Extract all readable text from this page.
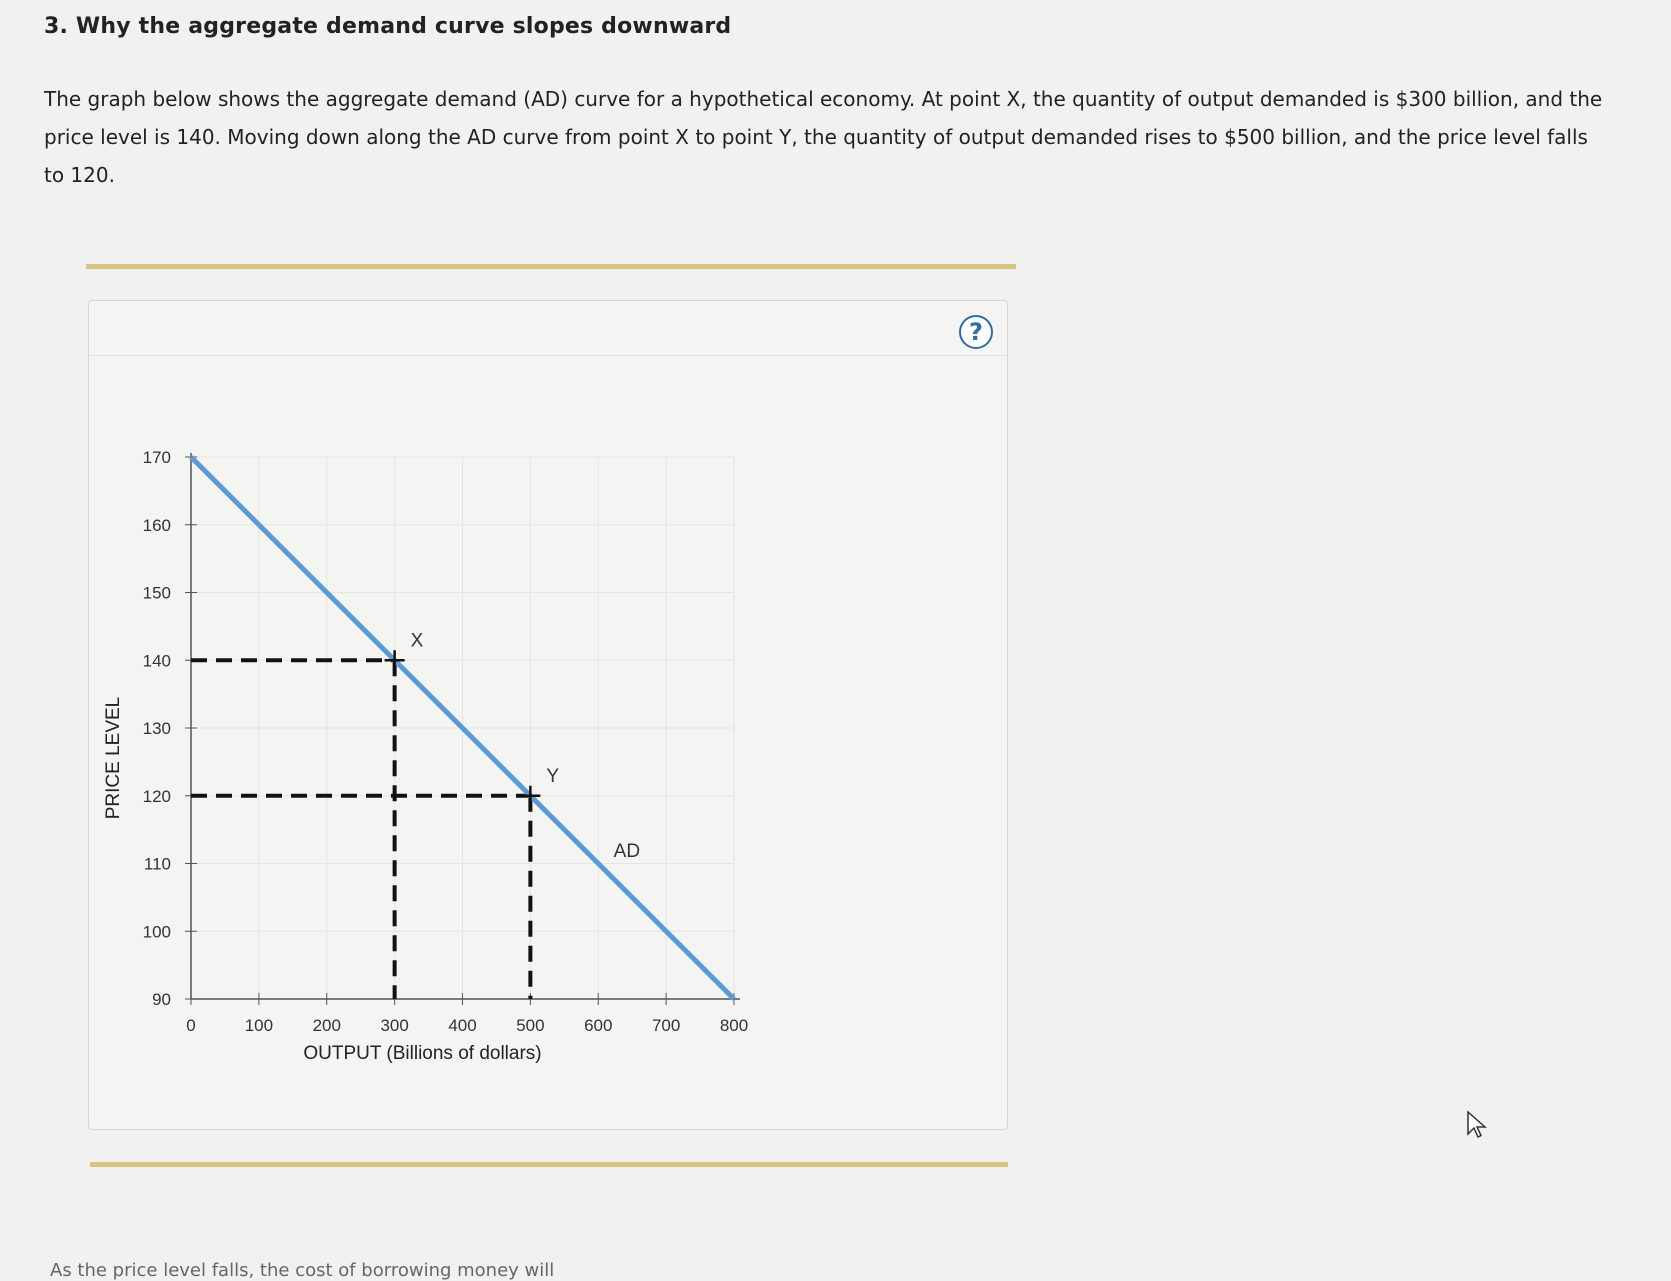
3. Why the aggregate demand curve slopes downward
The graph below shows the aggregate demand (AD) curve for a hypothetical economy. At point X, the quantity of output demanded is $300 billion, and the price level is 140. Moving down along the AD curve from point X to point Y, the quantity of output demanded rises to $500 billion, and the price level falls to 120.
?
0	100 200 300 400 500 600 700 800
90
100
110
120
130
140
150
160
170
OUTPUT (Billions of dollars)
PRICE LEVEL
AD
X
Y
As the price level falls, the cost of borrowing money will
